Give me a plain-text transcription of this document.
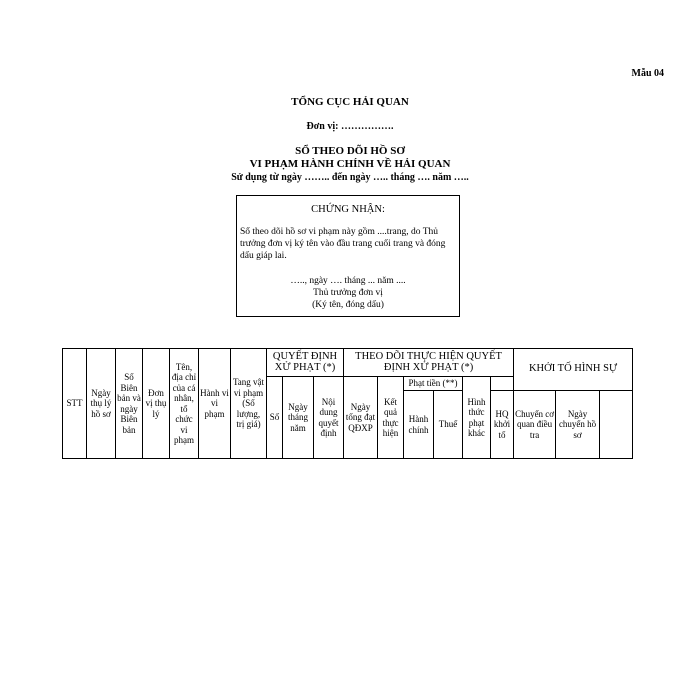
Mẫu 04
TỔNG CỤC HẢI QUAN
Đơn vị: …………….
SỔ THEO DÕI HỒ SƠ
VI PHẠM HÀNH CHÍNH VỀ HẢI QUAN
Sử dụng từ ngày …….. đến ngày ….. tháng …. năm …..
CHỨNG NHẬN:
Sổ theo dõi hồ sơ vi phạm này gồm ....trang, do Thủ trưởng đơn vị ký tên vào đầu trang cuối trang và đóng dấu giáp lai.
….., ngày …. tháng ... năm ....
Thủ trưởng đơn vị
(Ký tên, đóng dấu)
STT	Ngày thụ lý hồ sơ	Số Biên bản và ngày Biên bản	Đơn vị thụ lý	Tên, địa chỉ của cá nhân, tổ chức vi phạm	Hành vi vi phạm	Tang vật vi phạm (Số lượng, trị giá)	QUYẾT ĐỊNH XỬ PHẠT (*)			THEO DÕI THỰC HIỆN QUYẾT ĐỊNH XỬ PHẠT (*)						KHỞI TỐ HÌNH SỰ	
							Số	Ngày tháng năm	Nội dung quyết định	Ngày tống đạt QĐXP	Kết quả thực hiện	Phạt tiền (**)		Hình thức phạt khác					
												Hành chính	Thuế		HQ khởi tố	Chuyển cơ quan điều tra	Ngày chuyển hồ sơ		
